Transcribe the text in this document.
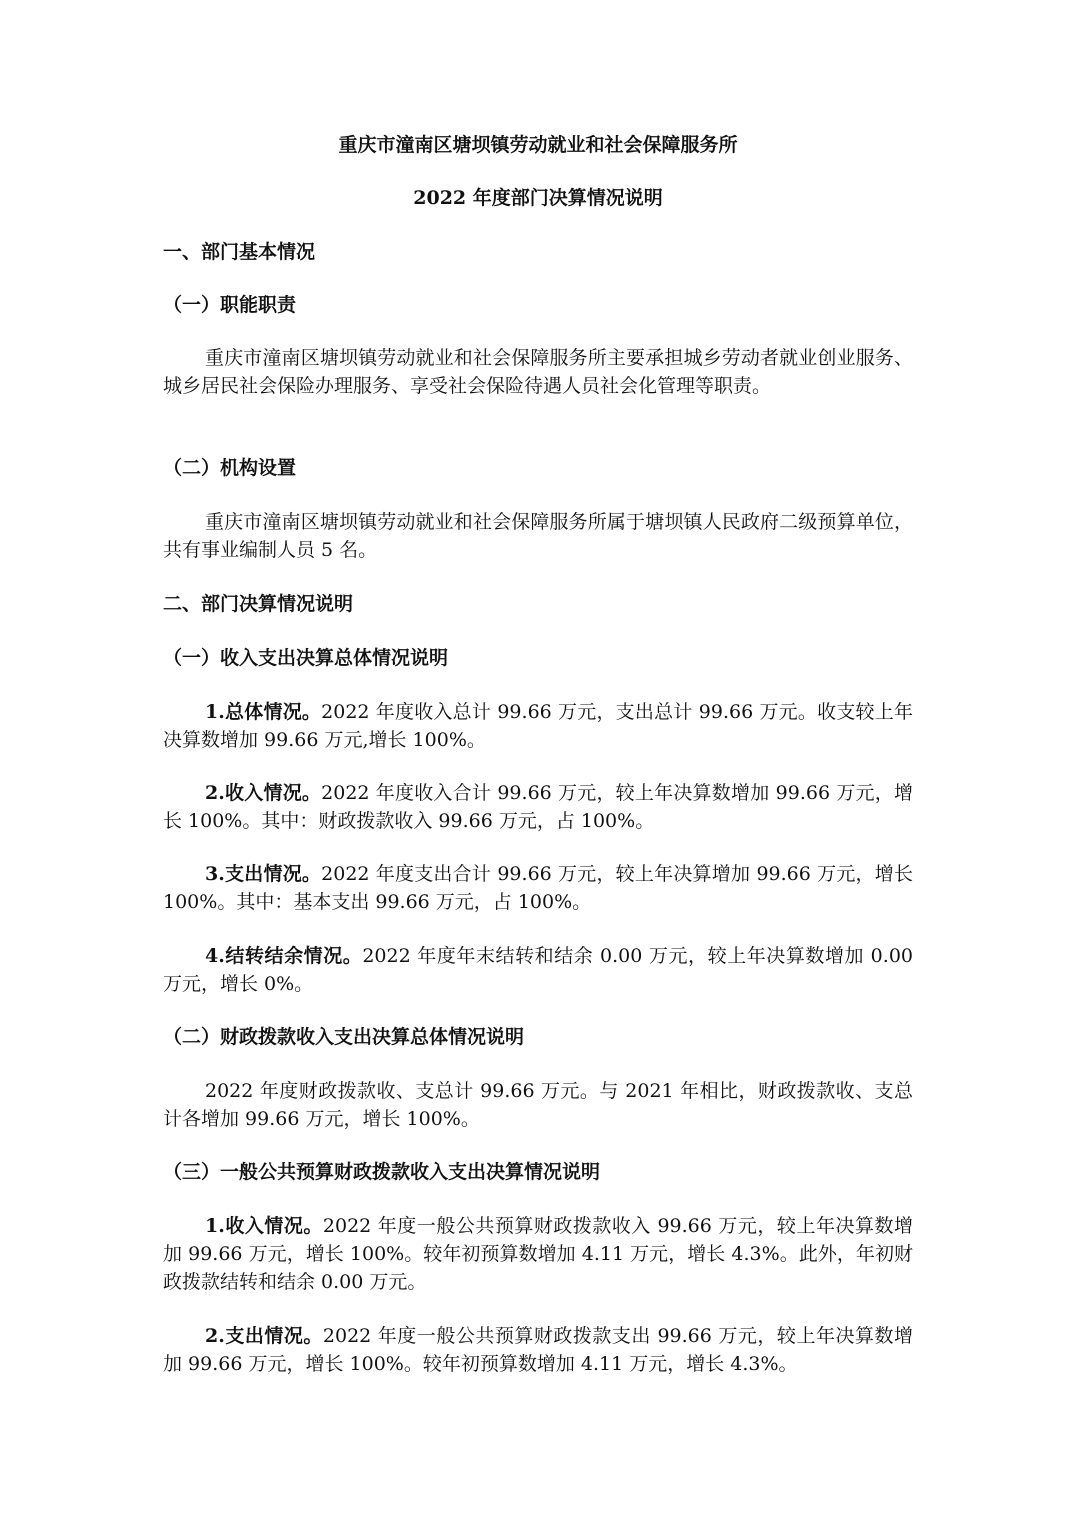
重庆市潼南区塘坝镇劳动就业和社会保障服务所
2022 年度部门决算情况说明
一、部门基本情况
（一）职能职责
重庆市潼南区塘坝镇劳动就业和社会保障服务所主要承担城乡劳动者就业创业服务、城乡居民社会保险办理服务、享受社会保险待遇人员社会化管理等职责。
（二）机构设置
重庆市潼南区塘坝镇劳动就业和社会保障服务所属于塘坝镇人民政府二级预算单位，共有事业编制人员 5 名。
二、部门决算情况说明
（一）收入支出决算总体情况说明
1.总体情况。2022 年度收入总计 99.66 万元，支出总计 99.66 万元。收支较上年决算数增加 99.66 万元,增长 100%。
2.收入情况。2022 年度收入合计 99.66 万元，较上年决算数增加 99.66 万元，增长 100%。其中：财政拨款收入 99.66 万元，占 100%。
3.支出情况。2022 年度支出合计 99.66 万元，较上年决算增加 99.66 万元，增长 100%。其中：基本支出 99.66 万元，占 100%。
4.结转结余情况。2022 年度年末结转和结余 0.00 万元，较上年决算数增加 0.00 万元，增长 0%。
（二）财政拨款收入支出决算总体情况说明
2022 年度财政拨款收、支总计 99.66 万元。与 2021 年相比，财政拨款收、支总计各增加 99.66 万元，增长 100%。
（三）一般公共预算财政拨款收入支出决算情况说明
1.收入情况。2022 年度一般公共预算财政拨款收入 99.66 万元，较上年决算数增加 99.66 万元，增长 100%。较年初预算数增加 4.11 万元，增长 4.3%。此外，年初财政拨款结转和结余 0.00 万元。
2.支出情况。2022 年度一般公共预算财政拨款支出 99.66 万元，较上年决算数增加 99.66 万元，增长 100%。较年初预算数增加 4.11 万元，增长 4.3%。
